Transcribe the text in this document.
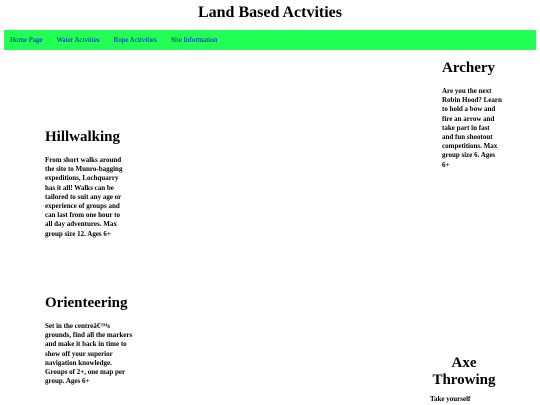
Land Based Actvities
Home Page Water Actvities Rope Activities Site Information
Archery

Are you the next Robin Hood? Learn to hold a bow and fire an arrow and take part in fast and fun shootout competitions. Max group size 6. Ages 6+

Hillwalking

From short walks around the site to Munro-bagging expeditions, Lochquarry has it all! Walks can be tailored to suit any age or experience of groups and can last from one hour to all day adventures. Max group size 12. Ages 6+

Orienteering

Set in the centreâ€™s grounds, find all the markers and make it back in time to show off your superior navigation knowledge. Groups of 2+, one map per group. Ages 6+

Axe Throwing

Take yourself
